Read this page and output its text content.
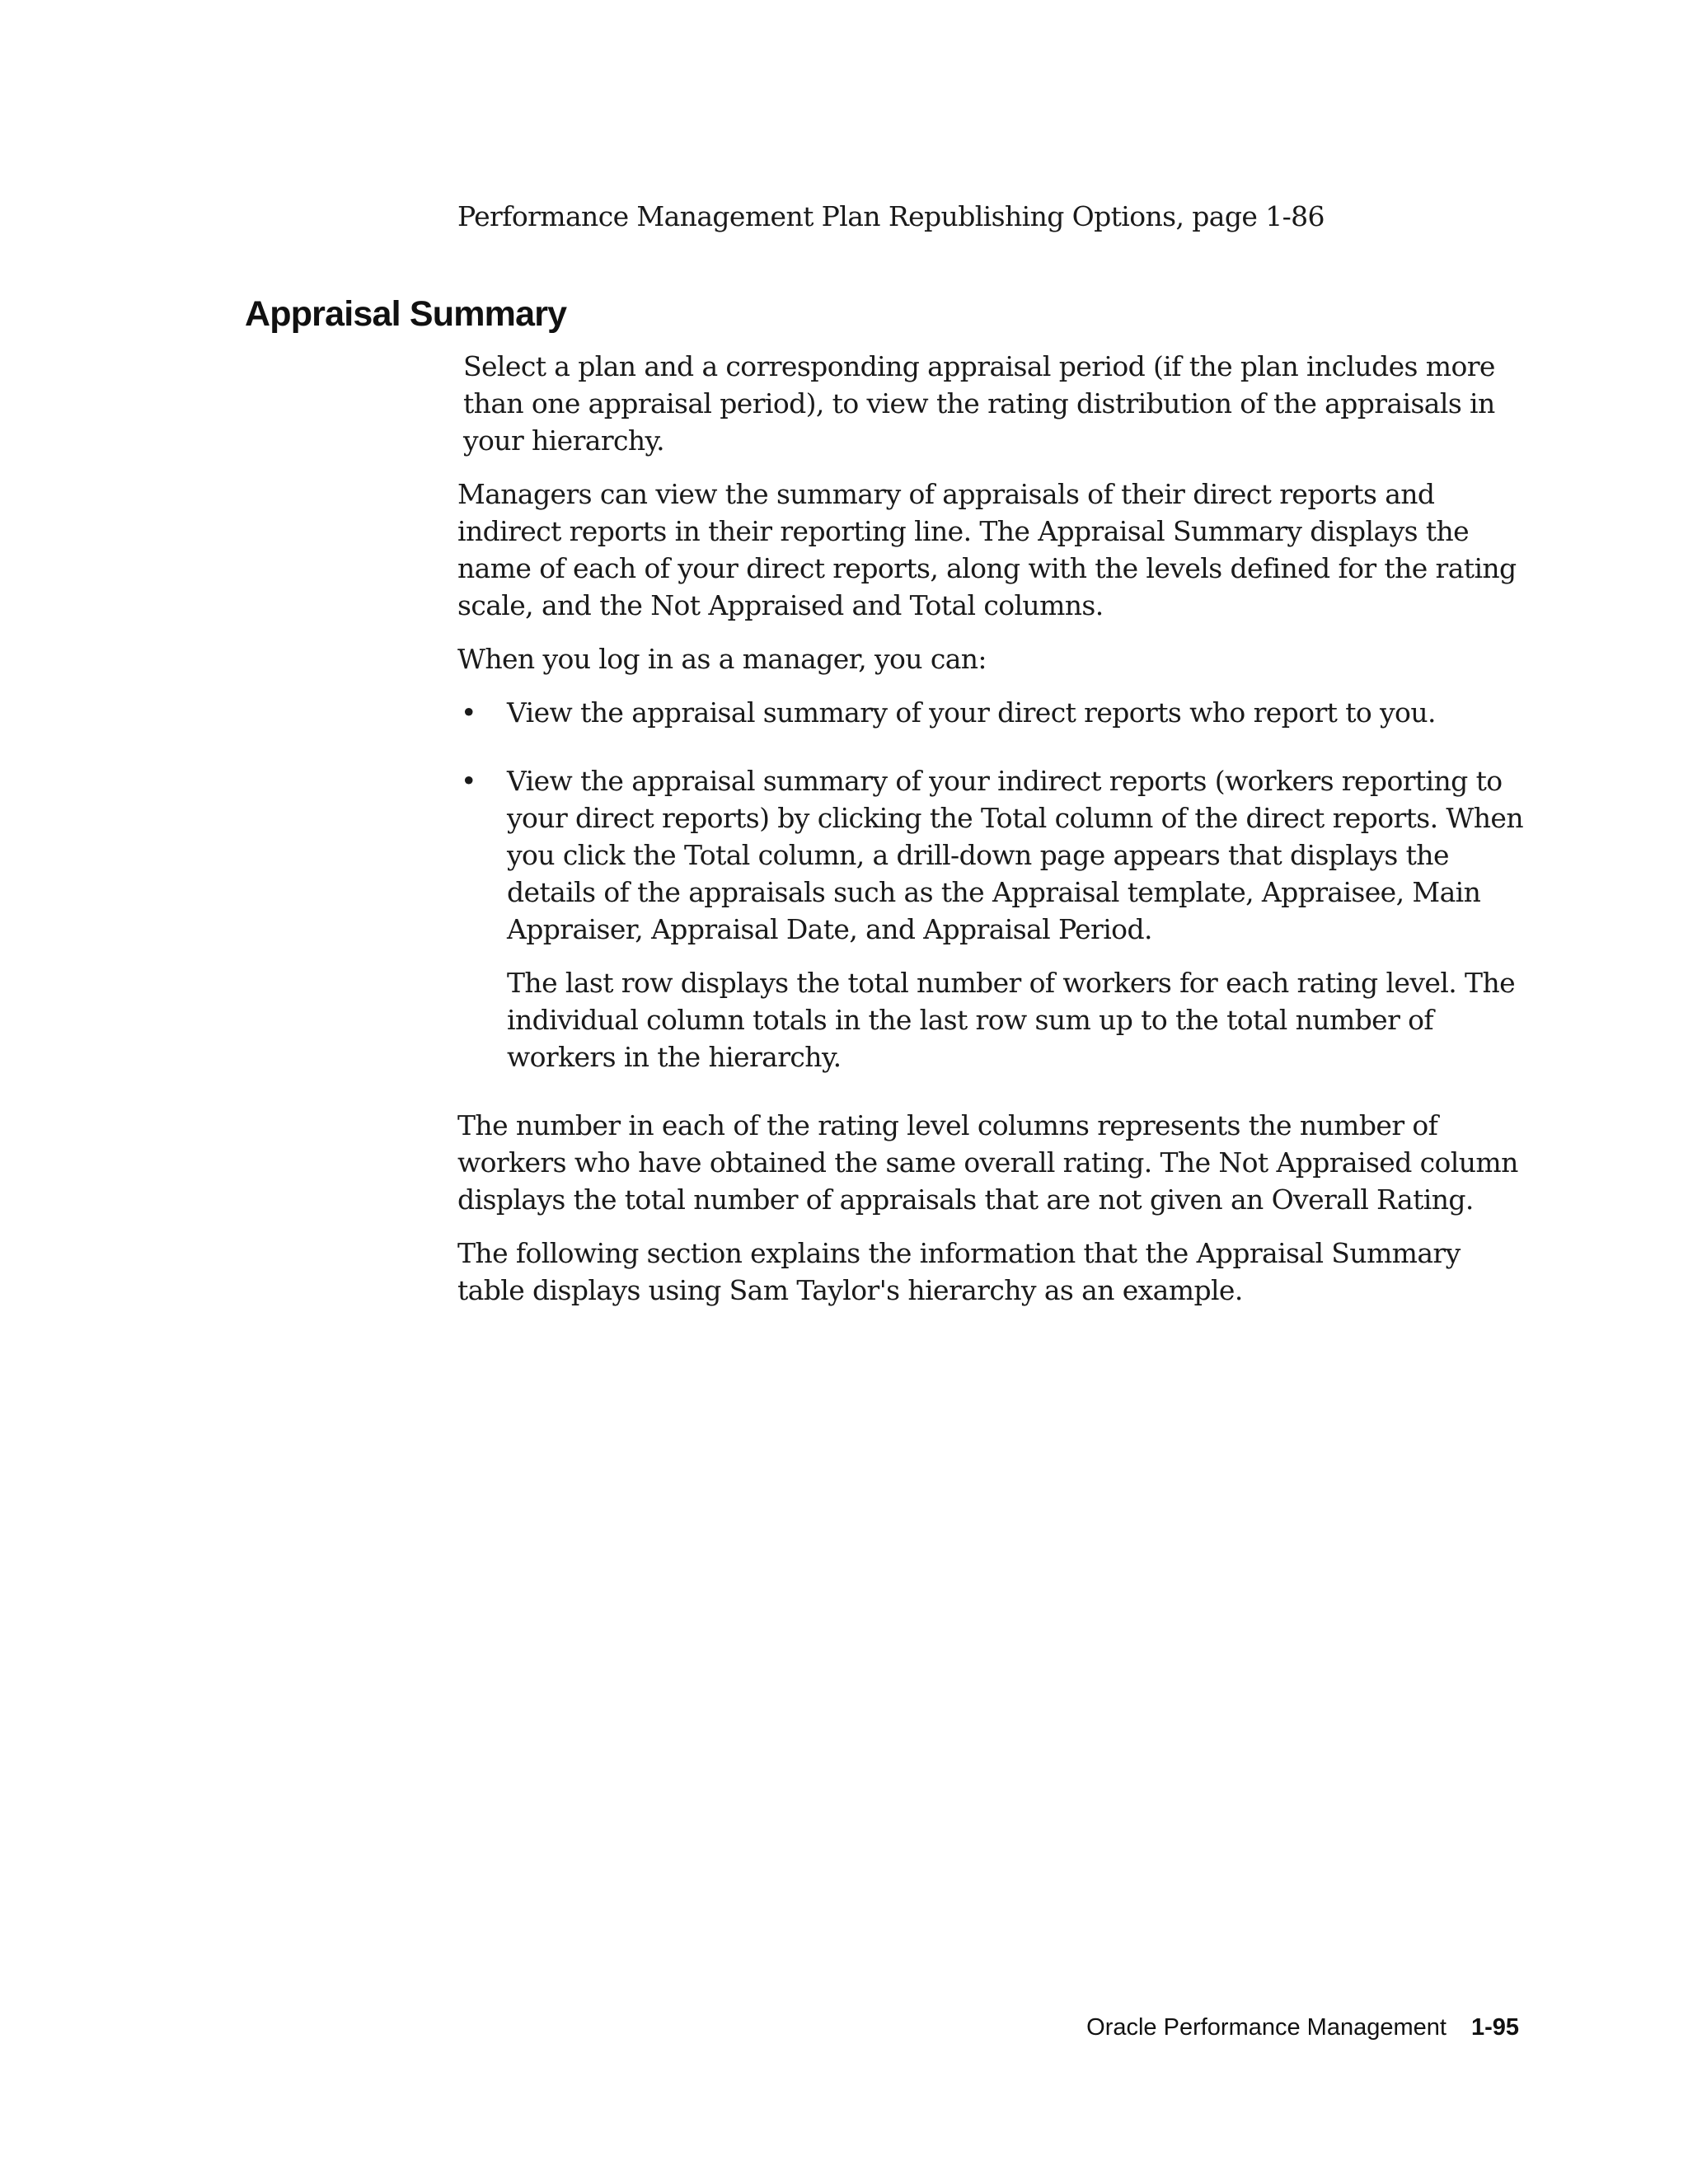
Performance Management Plan Republishing Options, page 1-86

Appraisal Summary

Select a plan and a corresponding appraisal period (if the plan includes more than one appraisal period), to view the rating distribution of the appraisals in your hierarchy.

Managers can view the summary of appraisals of their direct reports and indirect reports in their reporting line. The Appraisal Summary displays the name of each of your direct reports, along with the levels defined for the rating scale, and the Not Appraised and Total columns.

When you log in as a manager, you can:

• View the appraisal summary of your direct reports who report to you.

• View the appraisal summary of your indirect reports (workers reporting to your direct reports) by clicking the Total column of the direct reports. When you click the Total column, a drill-down page appears that displays the details of the appraisals such as the Appraisal template, Appraisee, Main Appraiser, Appraisal Date, and Appraisal Period.

The last row displays the total number of workers for each rating level. The individual column totals in the last row sum up to the total number of workers in the hierarchy.

The number in each of the rating level columns represents the number of workers who have obtained the same overall rating. The Not Appraised column displays the total number of appraisals that are not given an Overall Rating.

The following section explains the information that the Appraisal Summary table displays using Sam Taylor's hierarchy as an example.

Oracle Performance Management 1-95
